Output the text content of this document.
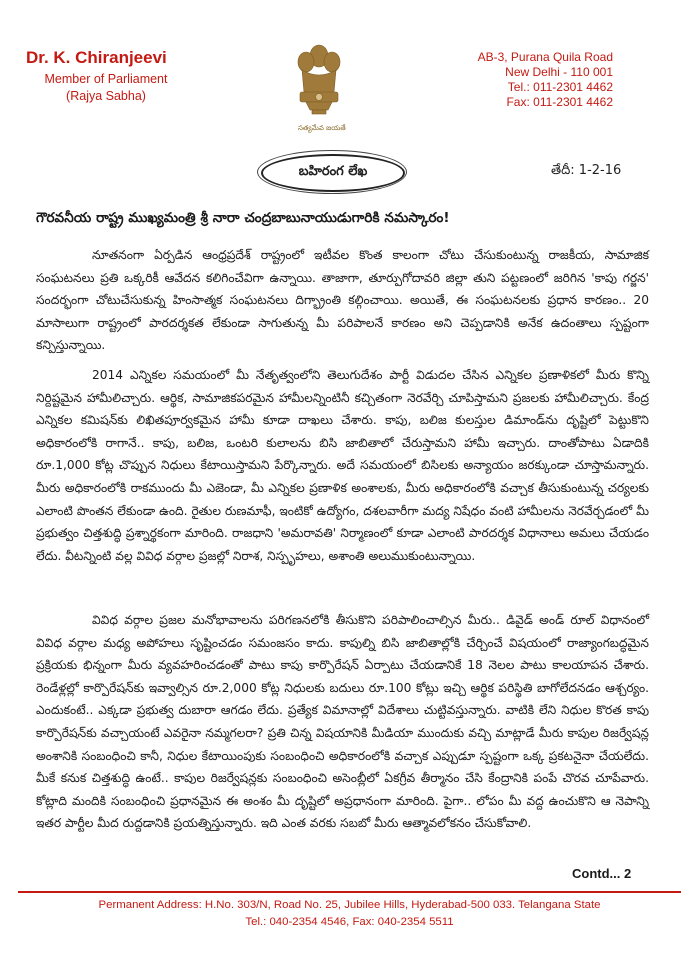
Dr. K. Chiranjeevi
Member of Parliament
(Rajya Sabha)
సత్యమేవ జయతే
AB-3, Purana Quila Road
New Delhi - 110 001
Tel.: 011-2301 4462
Fax: 011-2301 4462
బహిరంగ లేఖ	తేదీ: 1-2-16
గౌరవనీయ రాష్ట్ర ముఖ్యమంత్రి శ్రీ నారా చంద్రబాబునాయుడుగారికి నమస్కారం!
నూతనంగా ఏర్పడిన ఆంధ్రప్రదేశ్ రాష్ట్రంలో ఇటీవల కొంత కాలంగా చోటు చేసుకుంటున్న రాజకీయ, సామాజిక సంఘటనలు ప్రతి ఒక్కరికీ ఆవేదన కలిగించేవిగా ఉన్నాయి. తాజాగా, తూర్పుగోదావరి జిల్లా తుని పట్టణంలో జరిగిన 'కాపు గర్జన' సందర్భంగా చోటుచేసుకున్న హింసాత్మక సంఘటనలు దిగ్భ్రాంతి కల్గించాయి. అయితే, ఈ సంఘటనలకు ప్రధాన కారణం.. 20 మాసాలుగా రాష్ట్రంలో పారదర్శకత లేకుండా సాగుతున్న మీ పరిపాలనే కారణం అని చెప్పడానికి అనేక ఉదంతాలు స్పష్టంగా కన్పిస్తున్నాయి.
2014 ఎన్నికల సమయంలో మీ నేతృత్వంలోని తెలుగుదేశం పార్టీ విడుదల చేసిన ఎన్నికల ప్రణాళికలో మీరు కొన్ని నిర్దిష్టమైన హామీలిచ్చారు. ఆర్థిక, సామాజికపరమైన హామీలన్నింటినీ కచ్చితంగా నెరవేర్చి చూపిస్తామని ప్రజలకు హామీలిచ్చారు. కేంద్ర ఎన్నికల కమిషన్‌కు లిఖితపూర్వకమైన హామీ కూడా దాఖలు చేశారు. కాపు, బలిజ కులస్తుల డిమాండ్‌ను దృష్టిలో పెట్టుకొని అధికారంలోకి రాగానే.. కాపు, బలిజ, ఒంటరి కులాలను బిసి జాబితాలో చేరుస్తామని హామీ ఇచ్చారు. దాంతోపాటు ఏడాదికి రూ.1,000 కోట్ల చొప్పున నిధులు కేటాయిస్తామని పేర్కొన్నారు. అదే సమయంలో బిసిలకు అన్యాయం జరక్కుండా చూస్తామన్నారు. మీరు అధికారంలోకి రాకముందు మీ ఎజెండా, మీ ఎన్నికల ప్రణాళిక అంశాలకు, మీరు అధికారంలోకి వచ్చాక తీసుకుంటున్న చర్యలకు ఎలాంటి పొంతన లేకుండా ఉంది. రైతుల రుణమాఫీ, ఇంటికో ఉద్యోగం, దశలవారీగా మద్య నిషేధం వంటి హామీలను నెరవేర్చడంలో మీ ప్రభుత్వం చిత్తశుద్ధి ప్రశ్నార్థకంగా మారింది. రాజధాని 'అమరావతి' నిర్మాణంలో కూడా ఎలాంటి పారదర్శక విధానాలు అమలు చేయడం లేదు. వీటన్నింటి వల్ల వివిధ వర్గాల ప్రజల్లో నిరాశ, నిస్పృహలు, అశాంతి అలుముకుంటున్నాయి.
వివిధ వర్గాల ప్రజల మనోభావాలను పరిగణనలోకి తీసుకొని పరిపాలించాల్సిన మీరు.. డివైడ్ అండ్ రూల్ విధానంలో వివిధ వర్గాల మధ్య అపోహలు సృష్టించడం సమంజసం కాదు. కాపుల్ని బిసి జాబితాల్లోకి చేర్చించే విషయంలో రాజ్యాంగబద్ధమైన ప్రక్రియకు భిన్నంగా మీరు వ్యవహరించడంతో పాటు కాపు కార్పొరేషన్ ఏర్పాటు చేయడానికే 18 నెలల పాటు కాలయాపన చేశారు. రెండేళ్లల్లో కార్పొరేషన్‌కు ఇవ్వాల్సిన రూ.2,000 కోట్ల నిధులకు బదులు రూ.100 కోట్లు ఇచ్చి ఆర్థిక పరిస్థితి బాగోలేదనడం ఆశ్చర్యం. ఎందుకంటే.. ఎక్కడా ప్రభుత్వ దుబారా ఆగడం లేదు. ప్రత్యేక విమానాల్లో విదేశాలు చుట్టివస్తున్నారు. వాటికి లేని నిధుల కొరత కాపు కార్పొరేషన్‌కు వచ్చాయంటే ఎవరైనా నమ్మగలరా? ప్రతి చిన్న విషయానికి మీడియా ముందుకు వచ్చి మాట్లాడే మీరు కాపుల రిజర్వేషన్ల అంశానికి సంబంధించి కానీ, నిధుల కేటాయింపుకు సంబంధించి అధికారంలోకి వచ్చాక ఎప్పుడూ స్పష్టంగా ఒక్క ప్రకటనైనా చేయలేదు. మీకే కనుక చిత్తశుద్ధి ఉంటే.. కాపుల రిజర్వేషన్లకు సంబంధించి అసెంబ్లీలో ఏకగ్రీవ తీర్మానం చేసి కేంద్రానికి పంపే చొరవ చూపేవారు. కోట్లాది మందికి సంబంధించి ప్రధానమైన ఈ అంశం మీ దృష్టిలో అప్రధానంగా మారింది. పైగా.. లోపం మీ వద్ద ఉంచుకొని ఆ నెపాన్ని ఇతర పార్టీల మీద రుద్దడానికి ప్రయత్నిస్తున్నారు. ఇది ఎంత వరకు సబబో మీరు ఆత్మావలోకనం చేసుకోవాలి.
Contd... 2
Permanent Address: H.No. 303/N, Road No. 25, Jubilee Hills, Hyderabad-500 033. Telangana State
Tel.: 040-2354 4546, Fax: 040-2354 5511
